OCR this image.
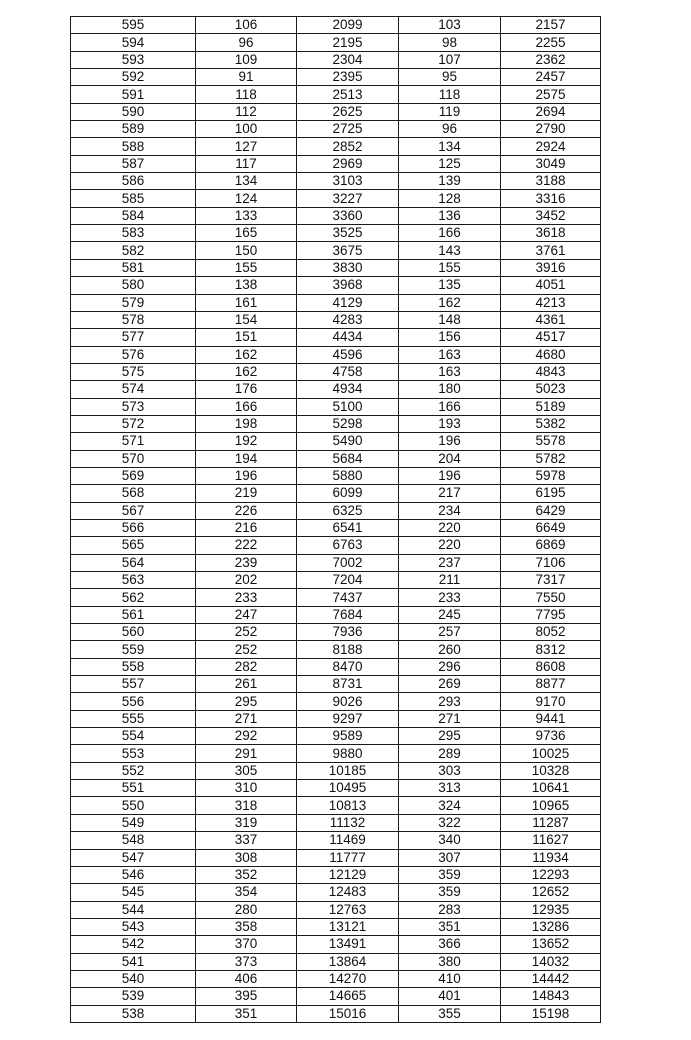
595	106	2099	103	2157
594	96	2195	98	2255
593	109	2304	107	2362
592	91	2395	95	2457
591	118	2513	118	2575
590	112	2625	119	2694
589	100	2725	96	2790
588	127	2852	134	2924
587	117	2969	125	3049
586	134	3103	139	3188
585	124	3227	128	3316
584	133	3360	136	3452
583	165	3525	166	3618
582	150	3675	143	3761
581	155	3830	155	3916
580	138	3968	135	4051
579	161	4129	162	4213
578	154	4283	148	4361
577	151	4434	156	4517
576	162	4596	163	4680
575	162	4758	163	4843
574	176	4934	180	5023
573	166	5100	166	5189
572	198	5298	193	5382
571	192	5490	196	5578
570	194	5684	204	5782
569	196	5880	196	5978
568	219	6099	217	6195
567	226	6325	234	6429
566	216	6541	220	6649
565	222	6763	220	6869
564	239	7002	237	7106
563	202	7204	211	7317
562	233	7437	233	7550
561	247	7684	245	7795
560	252	7936	257	8052
559	252	8188	260	8312
558	282	8470	296	8608
557	261	8731	269	8877
556	295	9026	293	9170
555	271	9297	271	9441
554	292	9589	295	9736
553	291	9880	289	10025
552	305	10185	303	10328
551	310	10495	313	10641
550	318	10813	324	10965
549	319	11132	322	11287
548	337	11469	340	11627
547	308	11777	307	11934
546	352	12129	359	12293
545	354	12483	359	12652
544	280	12763	283	12935
543	358	13121	351	13286
542	370	13491	366	13652
541	373	13864	380	14032
540	406	14270	410	14442
539	395	14665	401	14843
538	351	15016	355	15198
